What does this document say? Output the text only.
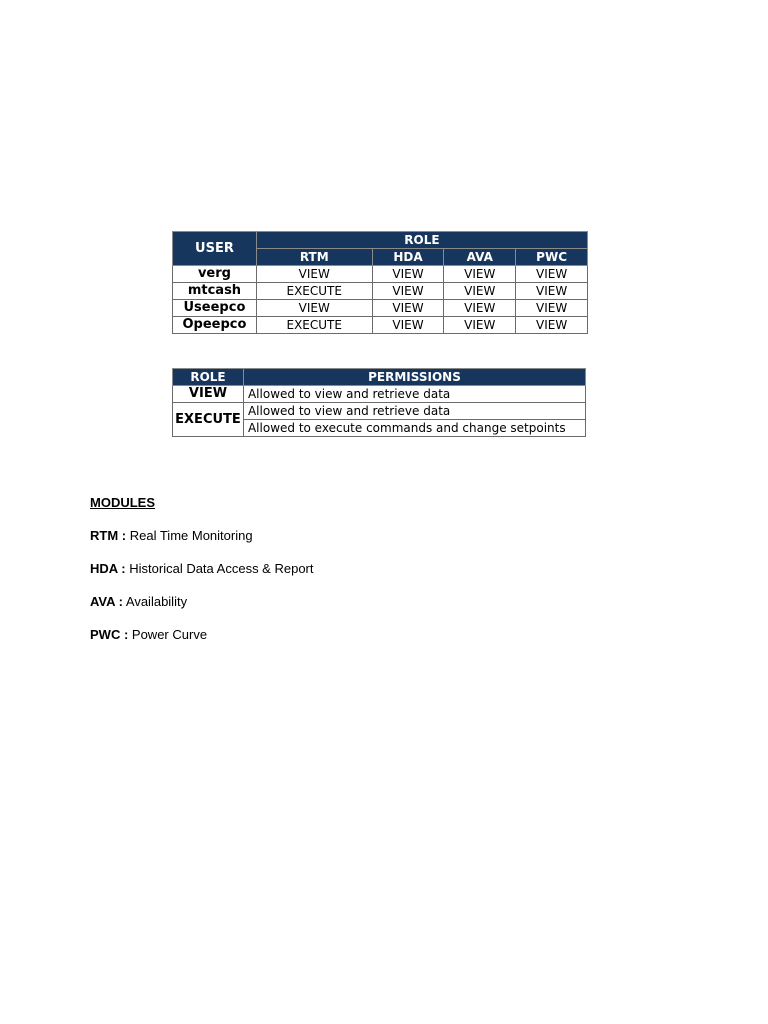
USER	ROLE			
	RTM	HDA	AVA	PWC
verg	VIEW	VIEW	VIEW	VIEW
mtcash	EXECUTE	VIEW	VIEW	VIEW
Useepco	VIEW	VIEW	VIEW	VIEW
Opeepco	EXECUTE	VIEW	VIEW	VIEW
ROLE	PERMISSIONS
VIEW	Allowed to view and retrieve data
EXECUTE	Allowed to view and retrieve data
	Allowed to execute commands and change setpoints
MODULES
RTM : Real Time Monitoring
HDA : Historical Data Access & Report
AVA : Availability
PWC : Power Curve
